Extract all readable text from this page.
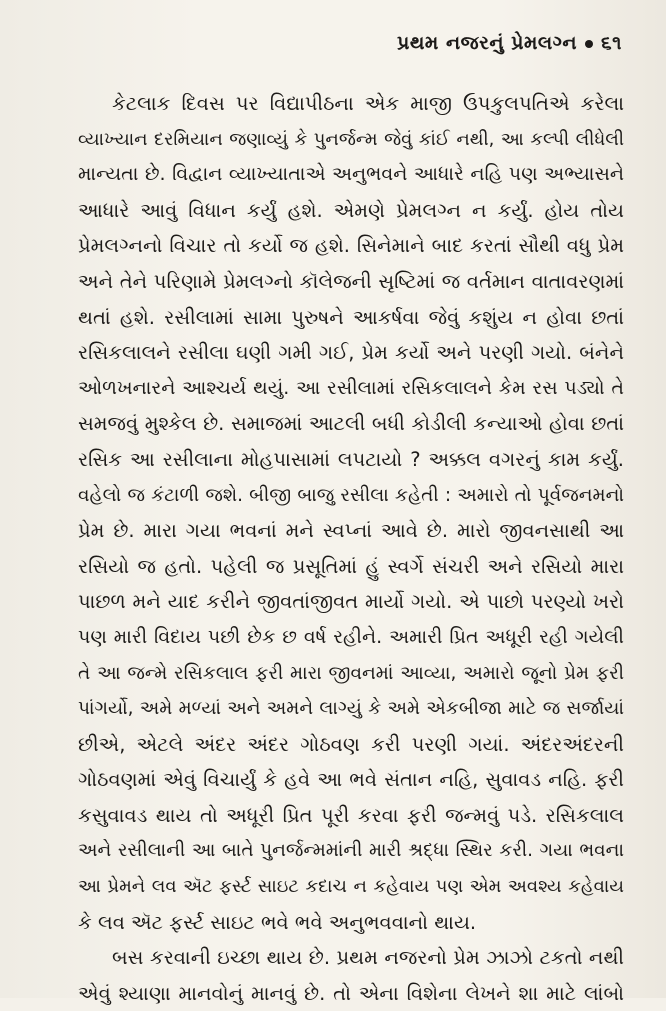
પ્રથમ નજરનું પ્રેમલગ્ન ૬૧
કેટલાક દિવસ પર વિદ્યાપીઠના એક માજી ઉપકુલપતિએ કરેલા
વ્યાખ્યાન દરમિયાન જણાવ્યું કે પુનર્જન્મ જેવું કાંઈ નથી, આ કલ્પી લીધેલી
માન્યતા છે. વિદ્વાન વ્યાખ્યાતાએ અનુભવને આધારે નહિ પણ અભ્યાસને
આધારે આવું વિધાન કર્યું હશે. એમણે પ્રેમલગ્ન ન કર્યું. હોય તોય
પ્રેમલગ્નનો વિચાર તો કર્યો જ હશે. સિનેમાને બાદ કરતાં સૌથી વધુ પ્રેમ
અને તેને પરિણામે પ્રેમલગ્નો કૉલેજની સૃષ્ટિમાં જ વર્તમાન વાતાવરણમાં
થતાં હશે. રસીલામાં સામા પુરુષને આકર્ષવા જેવું કશુંય ન હોવા છતાં
રસિકલાલને રસીલા ઘણી ગમી ગઈ, પ્રેમ કર્યો અને પરણી ગયો. બંનેને
ઓળખનારને આશ્ચર્ય થયું. આ રસીલામાં રસિકલાલને કેમ રસ પડ્યો તે
સમજવું મુશ્કેલ છે. સમાજમાં આટલી બધી કોડીલી કન્યાઓ હોવા છતાં
રસિક આ રસીલાના મોહપાસામાં લપટાયો ? અક્કલ વગરનું કામ કર્યું.
વહેલો જ કંટાળી જશે. બીજી બાજુ રસીલા કહેતી : અમારો તો પૂર્વજનમનો
પ્રેમ છે. મારા ગયા ભવનાં મને સ્વપ્નાં આવે છે. મારો જીવનસાથી આ
રસિયો જ હતો. પહેલી જ પ્રસૂતિમાં હું સ્વર્ગે સંચરી અને રસિયો મારા
પાછળ મને યાદ કરીને જીવતાંજીવત માર્યો ગયો. એ પાછો પરણ્યો ખરો
પણ મારી વિદાય પછી છેક છ વર્ષ રહીને. અમારી પ્રિત અધૂરી રહી ગયેલી
તે આ જન્મે રસિકલાલ ફરી મારા જીવનમાં આવ્યા, અમારો જૂનો પ્રેમ ફરી
પાંગર્યો, અમે મળ્યાં અને અમને લાગ્યું કે અમે એકબીજા માટે જ સર્જાયાં
છીએ, એટલે અંદર અંદર ગોઠવણ કરી પરણી ગયાં. અંદરઅંદરની
ગોઠવણમાં એવું વિચાર્યું કે હવે આ ભવે સંતાન નહિ, સુવાવડ નહિ. ફરી
કસુવાવડ થાય તો અધૂરી પ્રિત પૂરી કરવા ફરી જન્મવું પડે. રસિકલાલ
અને રસીલાની આ બાતે પુનર્જન્મમાંની મારી શ્રદ્ધા સ્થિર કરી. ગયા ભવના
આ પ્રેમને લવ ઍટ ફર્સ્ટ સાઇટ કદાચ ન કહેવાય પણ એમ અવશ્ય કહેવાય
કે લવ ઍટ ફર્સ્ટ સાઇટ ભવે ભવે અનુભવવાનો થાય.
બસ કરવાની ઇચ્છા થાય છે. પ્રથમ નજરનો પ્રેમ ઝાઝો ટકતો નથી
એવું શ્યાણા માનવોનું માનવું છે. તો એના વિશેના લેખને શા માટે લાંબો
